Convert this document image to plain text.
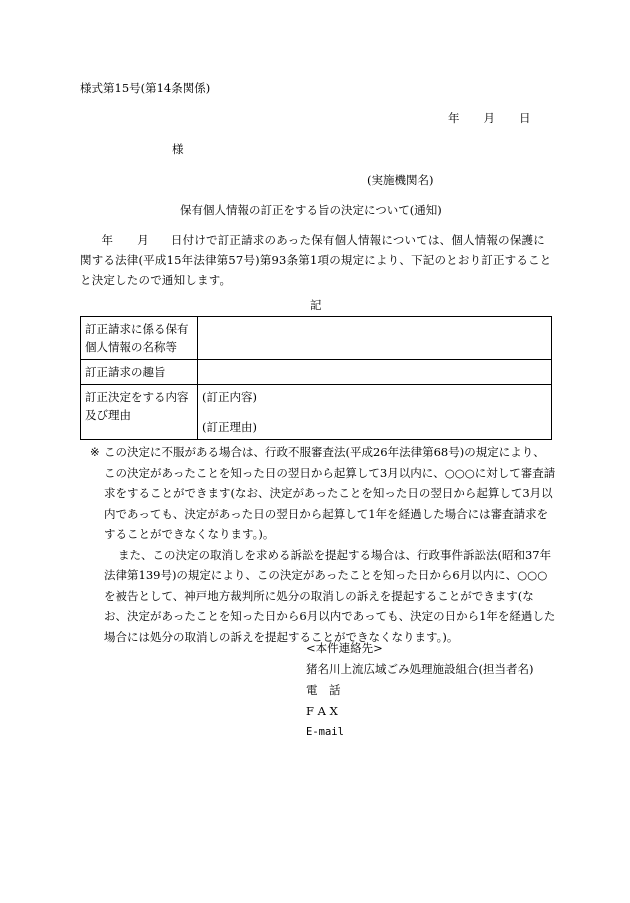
様式第15号(第14条関係)
年 月 日
様
(実施機関名)
保有個人情報の訂正をする旨の決定について(通知)

年 月 日付けで訂正請求のあった保有個人情報については、個人情報の保護に関する法律(平成15年法律第57号)第93条第1項の規定により、下記のとおり訂正することと決定したので通知します。

記
訂正請求に係る保有個人情報の名称等	
訂正請求の趣旨	
訂正決定をする内容及び理由	(訂正内容)
(訂正理由)

※ この決定に不服がある場合は、行政不服審査法(平成26年法律第68号)の規定により、この決定があったことを知った日の翌日から起算して3月以内に、○○○に対して審査請求をすることができます(なお、決定があったことを知った日の翌日から起算して3月以内であっても、決定があった日の翌日から起算して1年を経過した場合には審査請求をすることができなくなります。)。

また、この決定の取消しを求める訴訟を提起する場合は、行政事件訴訟法(昭和37年法律第139号)の規定により、この決定があったことを知った日から6月以内に、○○○を被告として、神戸地方裁判所に処分の取消しの訴えを提起することができます(なお、決定があったことを知った日から6月以内であっても、決定の日から1年を経過した場合には処分の取消しの訴えを提起することができなくなります。)。

<本件連絡先>
猪名川上流広域ごみ処理施設組合(担当者名)
電　話
F A X
E-mail
